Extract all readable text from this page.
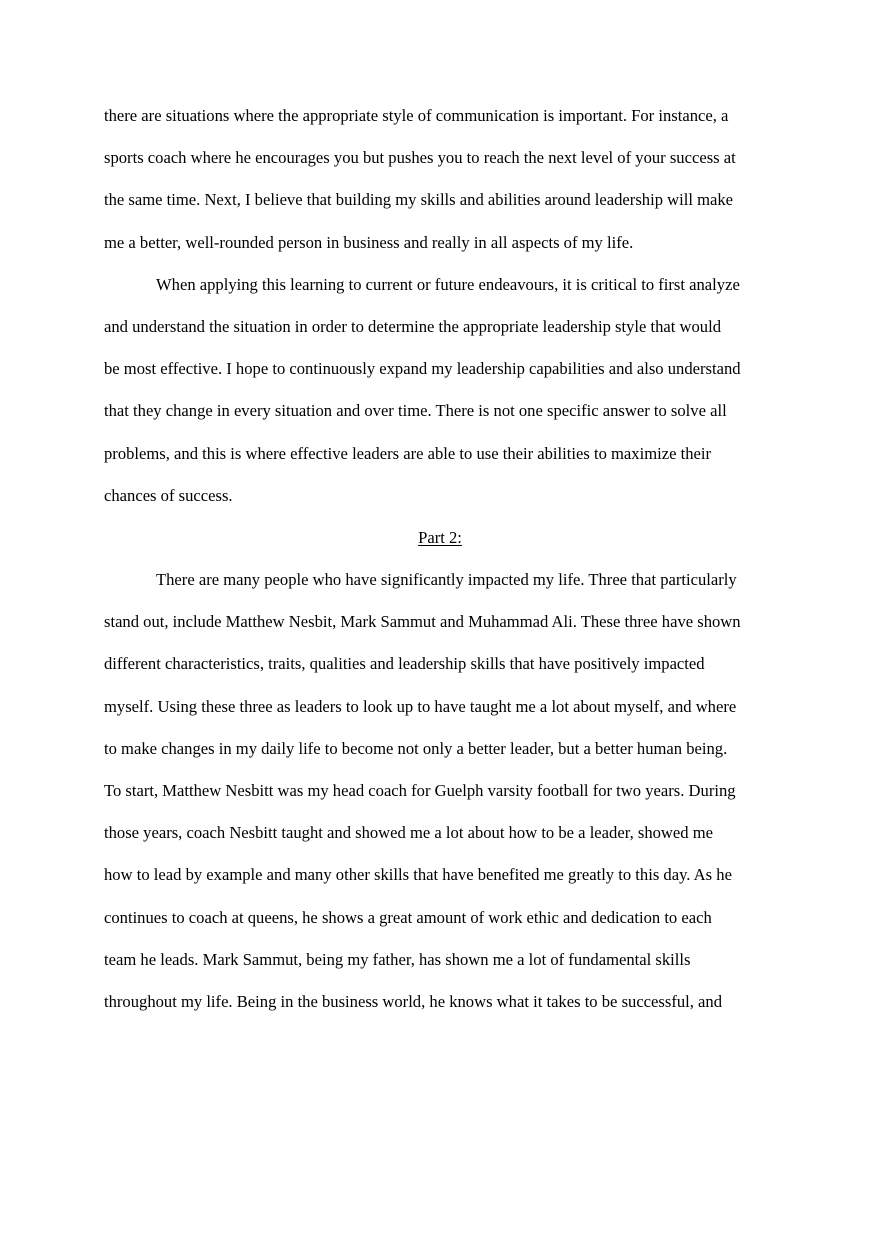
there are situations where the appropriate style of communication is important. For instance, a
sports coach where he encourages you but pushes you to reach the next level of your success at
the same time. Next, I believe that building my skills and abilities around leadership will make
me a better, well-rounded person in business and really in all aspects of my life.
When applying this learning to current or future endeavours, it is critical to first analyze
and understand the situation in order to determine the appropriate leadership style that would
be most effective. I hope to continuously expand my leadership capabilities and also understand
that they change in every situation and over time. There is not one specific answer to solve all
problems, and this is where effective leaders are able to use their abilities to maximize their
chances of success.
Part 2:
There are many people who have significantly impacted my life. Three that particularly
stand out, include Matthew Nesbit, Mark Sammut and Muhammad Ali. These three have shown
different characteristics, traits, qualities and leadership skills that have positively impacted
myself. Using these three as leaders to look up to have taught me a lot about myself, and where
to make changes in my daily life to become not only a better leader, but a better human being.
To start, Matthew Nesbitt was my head coach for Guelph varsity football for two years. During
those years, coach Nesbitt taught and showed me a lot about how to be a leader, showed me
how to lead by example and many other skills that have benefited me greatly to this day. As he
continues to coach at queens, he shows a great amount of work ethic and dedication to each
team he leads. Mark Sammut, being my father, has shown me a lot of fundamental skills
throughout my life. Being in the business world, he knows what it takes to be successful, and
